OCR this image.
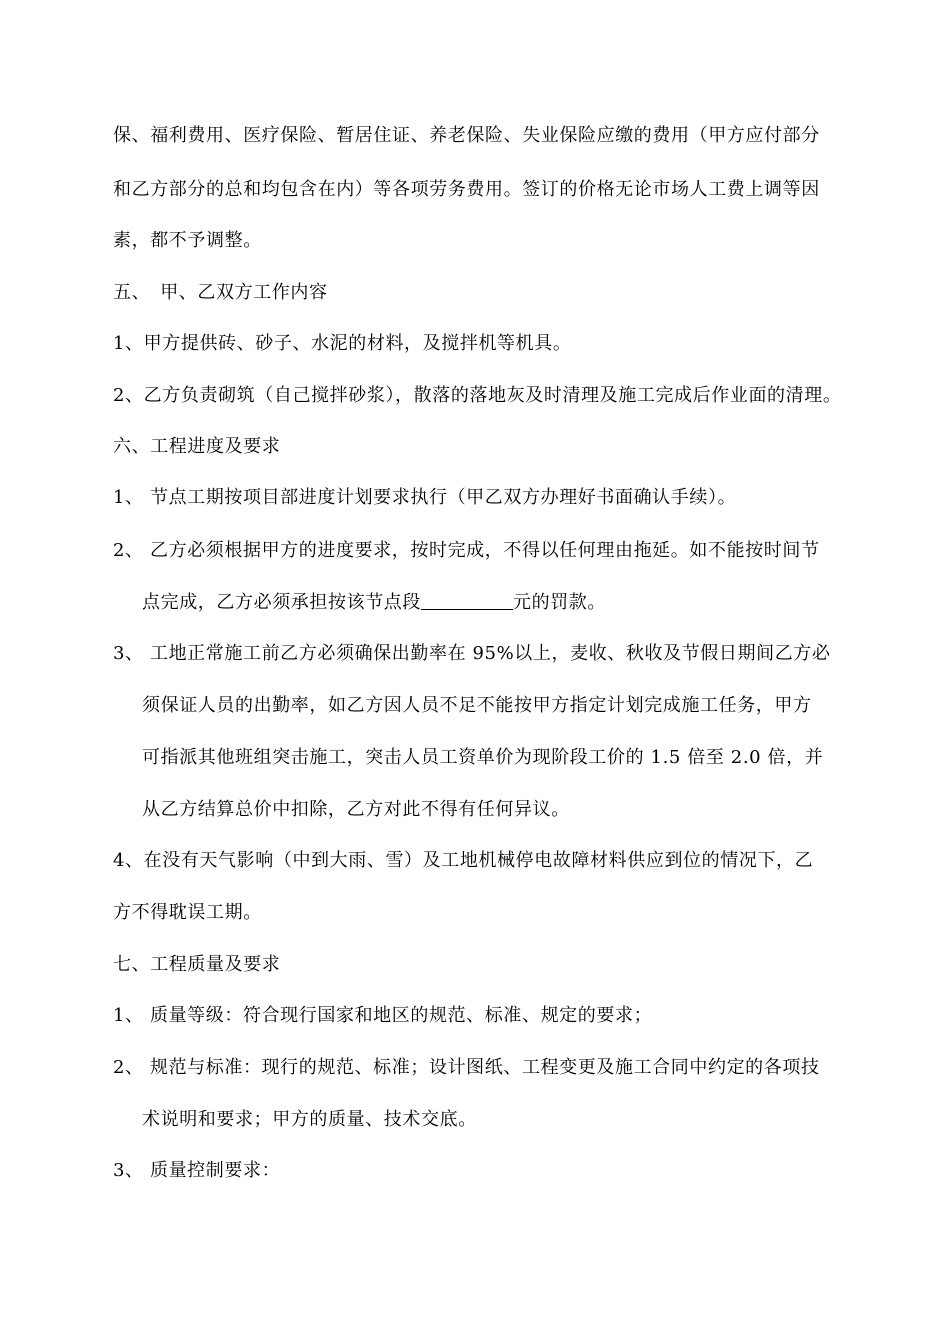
保、福利费用、医疗保险、暂居住证、养老保险、失业保险应缴的费用（甲方应付部分
和乙方部分的总和均包含在内）等各项劳务费用。签订的价格无论市场人工费上调等因
素，都不予调整。
五、 甲、乙双方工作内容
1、甲方提供砖、砂子、水泥的材料，及搅拌机等机具。
2、乙方负责砌筑（自己搅拌砂浆），散落的落地灰及时清理及施工完成后作业面的清理。
六、工程进度及要求
1、 节点工期按项目部进度计划要求执行（甲乙双方办理好书面确认手续）。
2、 乙方必须根据甲方的进度要求，按时完成，不得以任何理由拖延。如不能按时间节
点完成，乙方必须承担按该节点段	元的罚款。
3、 工地正常施工前乙方必须确保出勤率在 95%以上，麦收、秋收及节假日期间乙方必
须保证人员的出勤率，如乙方因人员不足不能按甲方指定计划完成施工任务，甲方
可指派其他班组突击施工，突击人员工资单价为现阶段工价的 1.5 倍至 2.0 倍，并
从乙方结算总价中扣除，乙方对此不得有任何异议。
4、在没有天气影响（中到大雨、雪）及工地机械停电故障材料供应到位的情况下，乙
方不得耽误工期。
七、工程质量及要求
1、 质量等级：符合现行国家和地区的规范、标准、规定的要求；
2、 规范与标准：现行的规范、标准；设计图纸、工程变更及施工合同中约定的各项技
术说明和要求；甲方的质量、技术交底。
3、 质量控制要求：
